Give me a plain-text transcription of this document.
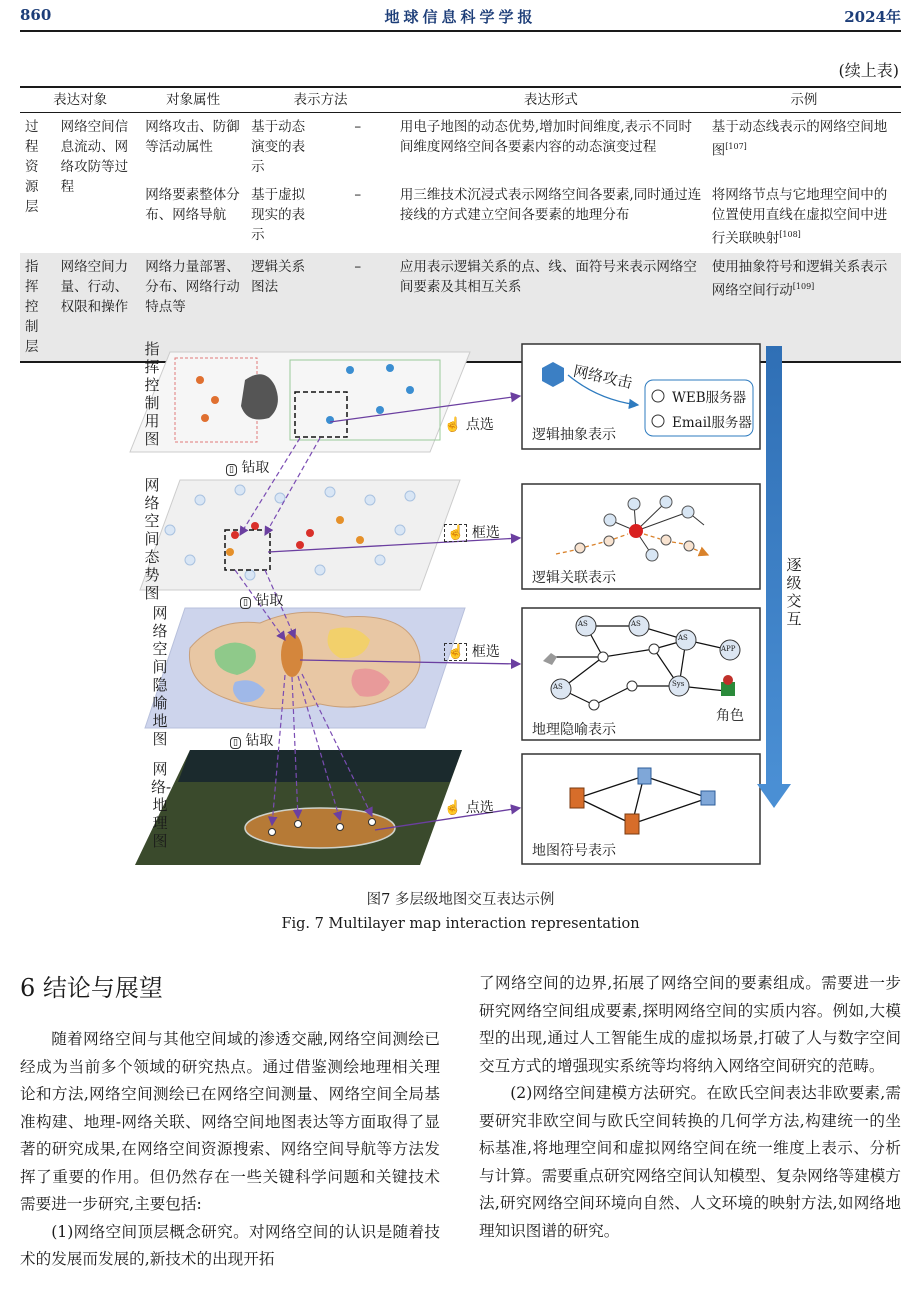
860	地球信息科学学报	2024年
(续上表)
表达对象		对象属性	表示方法		表达形式	示例
过程资源层	网络空间信息流动、网络攻防等过程	网络攻击、防御等活动属性	基于动态演变的表示	–	用电子地图的动态优势,增加时间维度,表示不同时间维度网络空间各要素内容的动态演变过程	基于动态线表示的网络空间地图[107]
		网络要素整体分布、网络导航	基于虚拟现实的表示	–	用三维技术沉浸式表示网络空间各要素,同时通过连接线的方式建立空间各要素的地理分布	将网络节点与它地理空间中的位置使用直线在虚拟空间中进行关联映射[108]
指挥控制层	网络空间力量、行动、权限和操作	网络力量部署、分布、网络行动特点等	逻辑关系图法	–	应用表示逻辑关系的点、线、面符号来表示网络空间要素及其相互关系	使用抽象符号和逻辑关系表示网络空间行动[109]
指挥控制用图
网络空间态势图
网络空间隐喻地图
网络-地理图
▯ 钻取
▯ 钻取
▯ 钻取
☝ 点选
☝ 框选
☝ 框选
☝ 点选
网络攻击
WEB服务器
Email服务器
逻辑抽象表示
逻辑关联表示
地理隐喻表示
地图符号表示
角色
AS	AS
AS
AS
APP
Sys
逐级交互
图7 多层级地图交互表达示例
Fig. 7 Multilayer map interaction representation
6 结论与展望

随着网络空间与其他空间域的渗透交融,网络空间测绘已经成为当前多个领域的研究热点。通过借鉴测绘地理相关理论和方法,网络空间测绘已在网络空间测量、网络空间全局基准构建、地理-网络关联、网络空间地图表达等方面取得了显著的研究成果,在网络空间资源搜索、网络空间导航等方法发挥了重要的作用。但仍然存在一些关键科学问题和关键技术需要进一步研究,主要包括:

(1)网络空间顶层概念研究。对网络空间的认识是随着技术的发展而发展的,新技术的出现开拓

了网络空间的边界,拓展了网络空间的要素组成。需要进一步研究网络空间组成要素,探明网络空间的实质内容。例如,大模型的出现,通过人工智能生成的虚拟场景,打破了人与数字空间交互方式的增强现实系统等均将纳入网络空间研究的范畴。

(2)网络空间建模方法研究。在欧氏空间表达非欧要素,需要研究非欧空间与欧氏空间转换的几何学方法,构建统一的坐标基准,将地理空间和虚拟网络空间在统一维度上表示、分析与计算。需要重点研究网络空间认知模型、复杂网络等建模方法,研究网络空间环境向自然、人文环境的映射方法,如网络地理知识图谱的研究。
